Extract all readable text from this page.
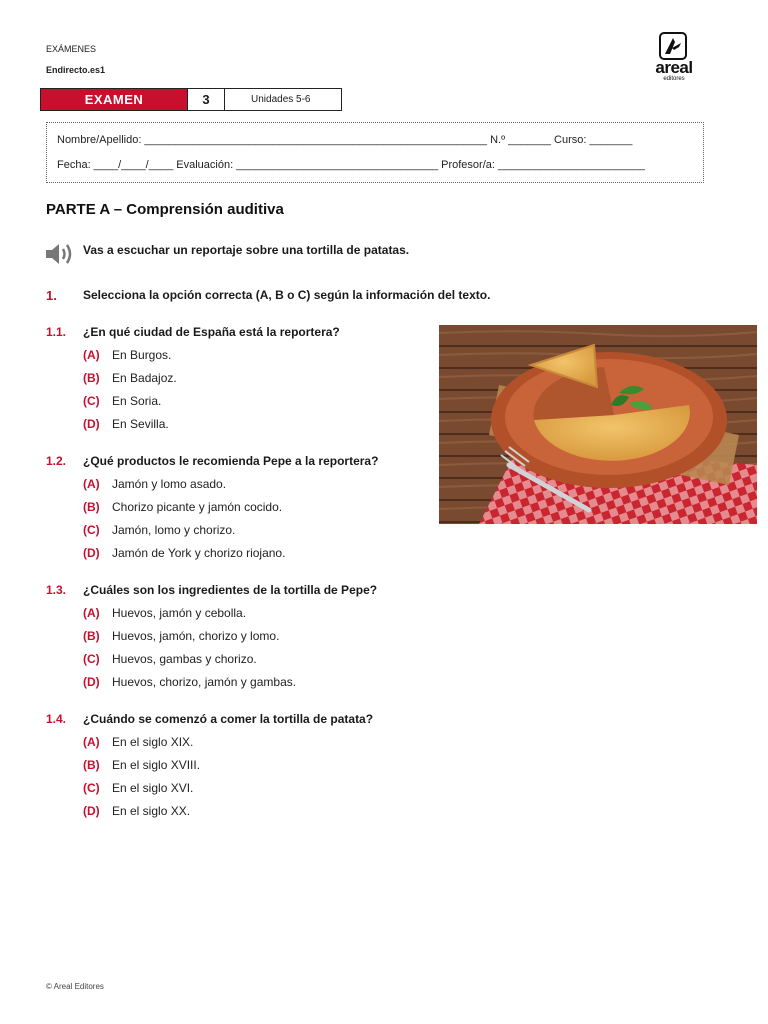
EXÁMENES
Endirecto.es1	areal
editores
EXAMEN	3	Unidades 5-6
Nombre/Apellido: ________________________________________________________ N.º _______ Curso: _______
Fecha: ____/____/____ Evaluación: _________________________________ Profesor/a: ________________________
PARTE A – Comprensión auditiva
Vas a escuchar un reportaje sobre una tortilla de patatas.
1. Selecciona la opción correcta (A, B o C) según la información del texto.
1.1. ¿En qué ciudad de España está la reportera?
(A) En Burgos.
(B) En Badajoz.
(C) En Soria.
(D) En Sevilla.
1.2. ¿Qué productos le recomienda Pepe a la reportera?
(A) Jamón y lomo asado.
(B) Chorizo picante y jamón cocido.
(C) Jamón, lomo y chorizo.
(D) Jamón de York y chorizo riojano.
1.3. ¿Cuáles son los ingredientes de la tortilla de Pepe?
(A) Huevos, jamón y cebolla.
(B) Huevos, jamón, chorizo y lomo.
(C) Huevos, gambas y chorizo.
(D) Huevos, chorizo, jamón y gambas.
1.4. ¿Cuándo se comenzó a comer la tortilla de patata?
(A) En el siglo XIX.
(B) En el siglo XVIII.
(C) En el siglo XVI.
(D) En el siglo XX.
© Areal Editores
